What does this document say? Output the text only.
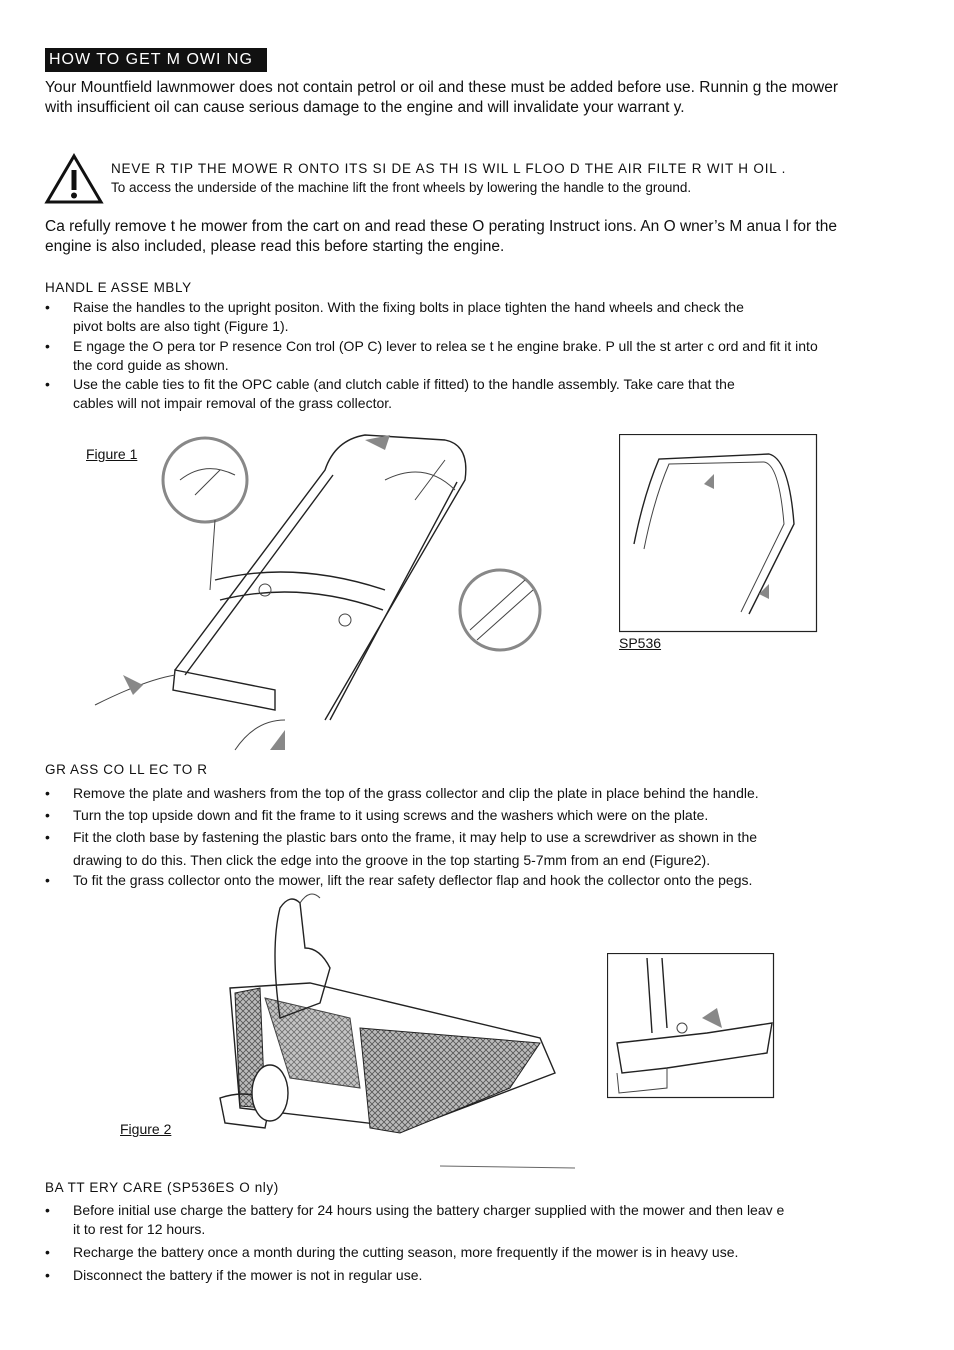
HOW TO GET M OWI NG
Your Mountfield lawnmower does not contain petrol or oil and these must be added before use. Runnin g the mower with insufficient oil can cause serious damage to the engine and will invalidate your warrant y.
NEVE R TIP THE MOWE R ONTO ITS SI DE AS TH IS WIL L FLOO D THE AIR FILTE R WIT H OIL .
To access the underside of the machine lift the front wheels by lowering the handle to the ground.
Ca refully remove t he mower from the cart on and read these O perating Instruct ions. An O wner’s M anua l for the engine is also included, please read this before starting the engine.
HANDL E ASSE MBLY
• Raise the handles to the upright positon. With the fixing bolts in place tighten the hand wheels and check the
pivot bolts are also tight (Figure 1).
• E ngage the O pera tor P resence Con trol (OP C) lever to relea se t he engine brake. P ull the st arter c ord and fit it into
the cord guide as shown.
• Use the cable ties to fit the OPC cable (and clutch cable if fitted) to the handle assembly. Take care that the
cables will not impair removal of the grass collector.
Figure 1
SP536
GR ASS CO LL EC TO R
• Remove the plate and washers from the top of the grass collector and clip the plate in place behind the handle.
• Turn the top upside down and fit the frame to it using screws and the washers which were on the plate.
• Fit the cloth base by fastening the plastic bars onto the frame, it may help to use a screwdriver as shown in the
drawing to do this. Then click the edge into the groove in the top starting 5-7mm from an end (Figure2).
• To fit the grass collector onto the mower, lift the rear safety deflector flap and hook the collector onto the pegs.
Figure 2
BA TT ERY CARE (SP536ES O nly)
• Before initial use charge the battery for 24 hours using the battery charger supplied with the mower and then leav e
it to rest for 12 hours.
• Recharge the battery once a month during the cutting season, more frequently if the mower is in heavy use.
• Disconnect the battery if the mower is not in regular use.
